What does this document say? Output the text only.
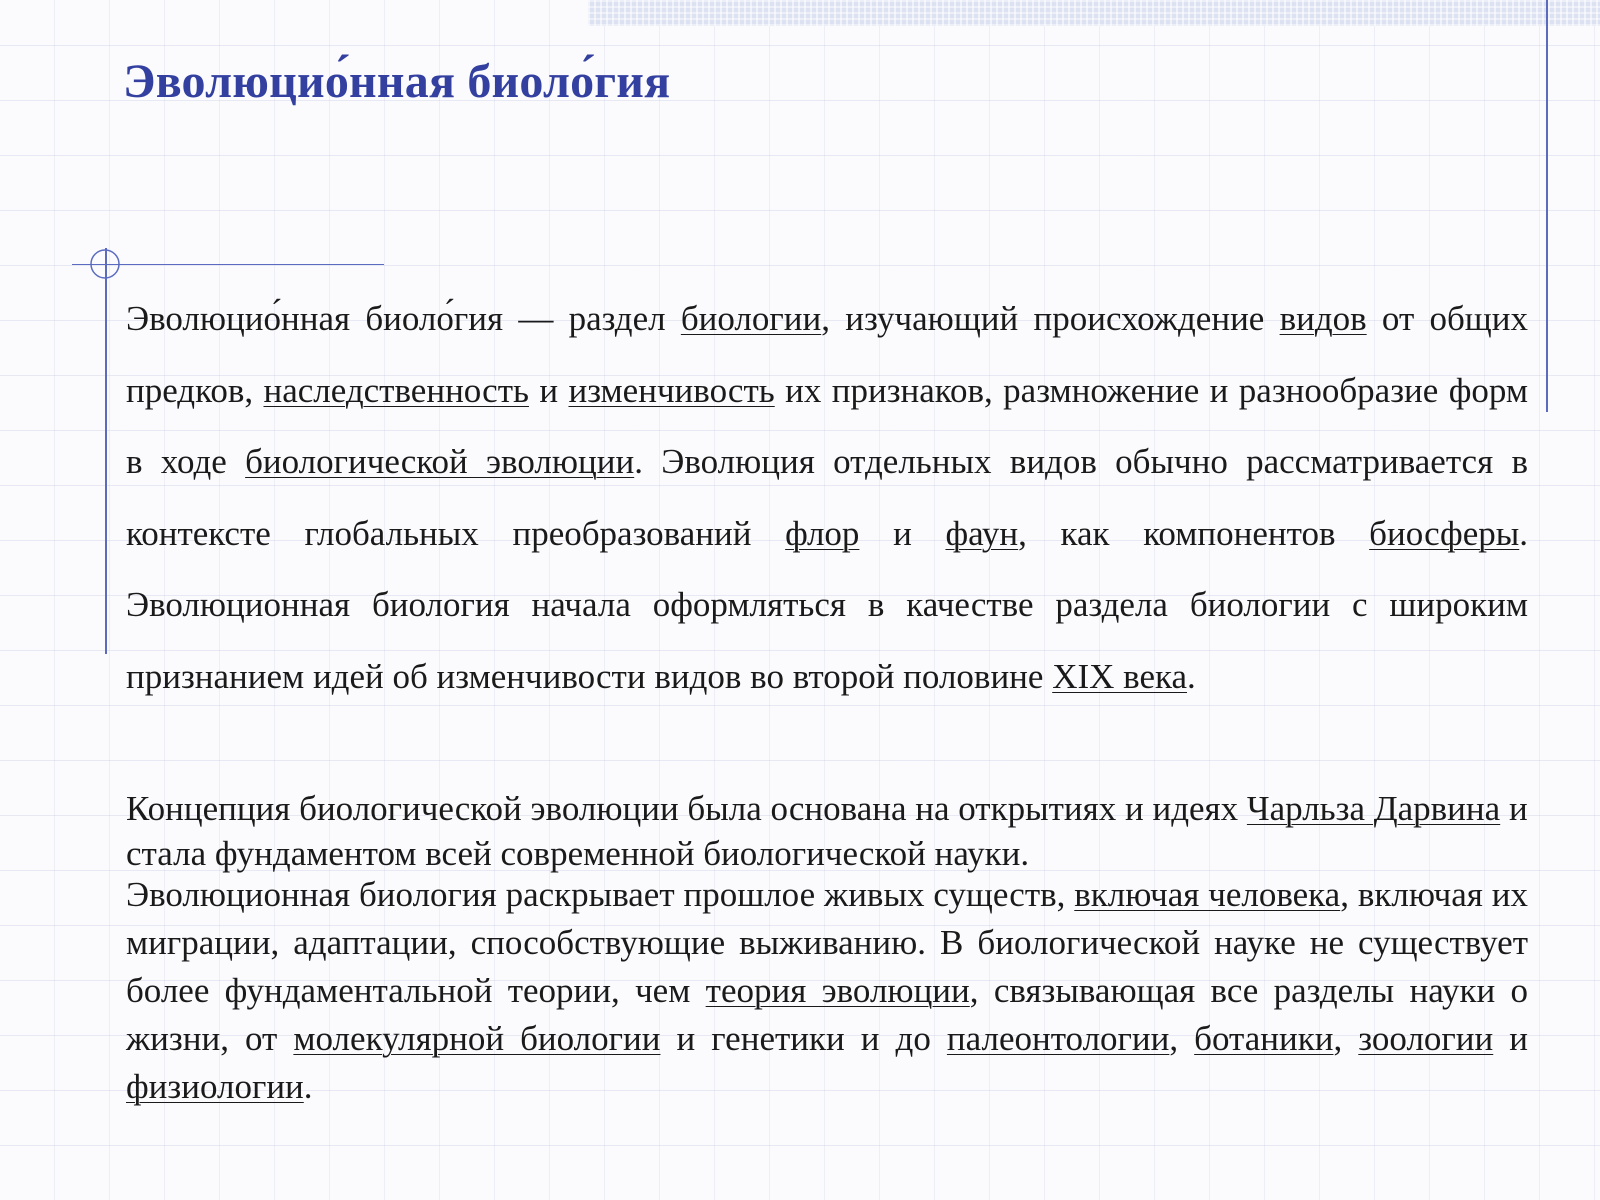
Эволюцио́нная биоло́гия

Эволюцио́нная биоло́гия — раздел биологии, изучающий происхождение видов от общих предков, наследственность и изменчивость их признаков, размножение и разнообразие форм в ходе биологической эволюции. Эволюция отдельных видов обычно рассматривается в контексте глобальных преобразований флор и фаун, как компонентов биосферы. Эволюционная биология начала оформляться в качестве раздела биологии с широким признанием идей об изменчивости видов во второй половине XIX века.

Концепция биологической эволюции была основана на открытиях и идеях Чарльза Дарвина и стала фундаментом всей современной биологической науки.

Эволюционная биология раскрывает прошлое живых существ, включая человека, включая их миграции, адаптации, способствующие выживанию. В биологической науке не существует более фундаментальной теории, чем теория эволюции, связывающая все разделы науки о жизни, от молекулярной биологии и генетики и до палеонтологии, ботаники, зоологии и физиологии.
